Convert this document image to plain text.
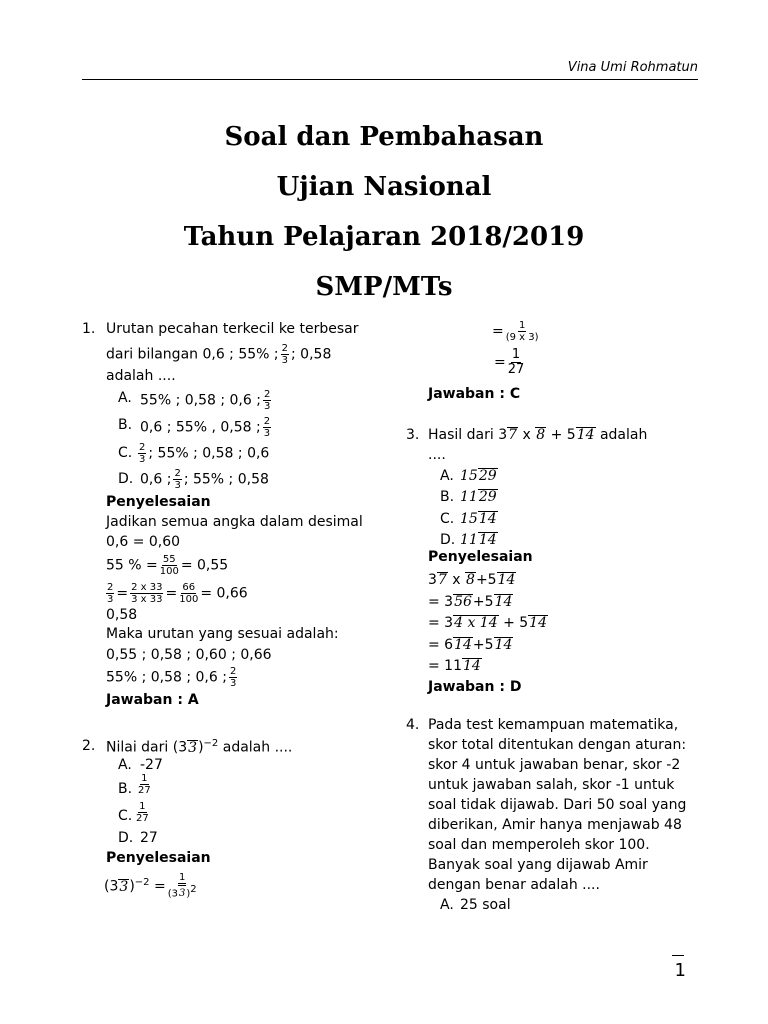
Vina Umi Rohmatun
Soal dan Pembahasan
Ujian Nasional
Tahun Pelajaran 2018/2019
SMP/MTs
1. Urutan pecahan terkecil ke terbesar
dari bilangan 0,6 ; 55% ; $\frac{2}{3}$ ; 0,58
adalah ....
A. 55% ; 0,58 ; 0,6 ; $\frac{2}{3}$
B. 0,6 ; 55% , 0,58 ; $\frac{2}{3}$
C. $\frac{2}{3}$ ; 55% ; 0,58 ; 0,6
D. 0,6 ; $\frac{2}{3}$ ; 55% ; 0,58
Penyelesaian
Jadikan semua angka dalam desimal
0,6 = 0,60
55 % = $\frac{55}{100} = 0,55$
$\frac{2}{3} = \frac{2 x 33}{3 x 33} = \frac{66}{100} = 0,66$
0,58
Maka urutan yang sesuai adalah:
0,55 ; 0,58 ; 0,60 ; 0,66
55% ; 0,58 ; 0,6 ; $\frac{2}{3}$
Jawaban : A
2. Nilai dari $(33)^{-2}$ adalah ....
A. -27
B. $\frac{1}{27}$
C. $\frac{1}{27}$
D. 27
Penyelesaian
$(33)^{-2} = \frac{1}{(33)^2}$
= $\frac{1}{(9 x 3)}$
= $\frac{1}{27}$
Jawaban : C
3. Hasil dari 37 x 8 + 514 adalah
....
A. 1529
B. 1129
C. 1514
D. 1114
Penyelesaian
37 x 8+514
= 356+514
= 34 x 14 + 514
= 614+514
= 1114
Jawaban : D
4. Pada test kemampuan matematika,
skor total ditentukan dengan aturan:
skor 4 untuk jawaban benar, skor -2
untuk jawaban salah, skor -1 untuk
soal tidak dijawab. Dari 50 soal yang
diberikan, Amir hanya menjawab 48
soal dan memperoleh skor 100.
Banyak soal yang dijawab Amir
dengan benar adalah ....
A. 25 soal
1
